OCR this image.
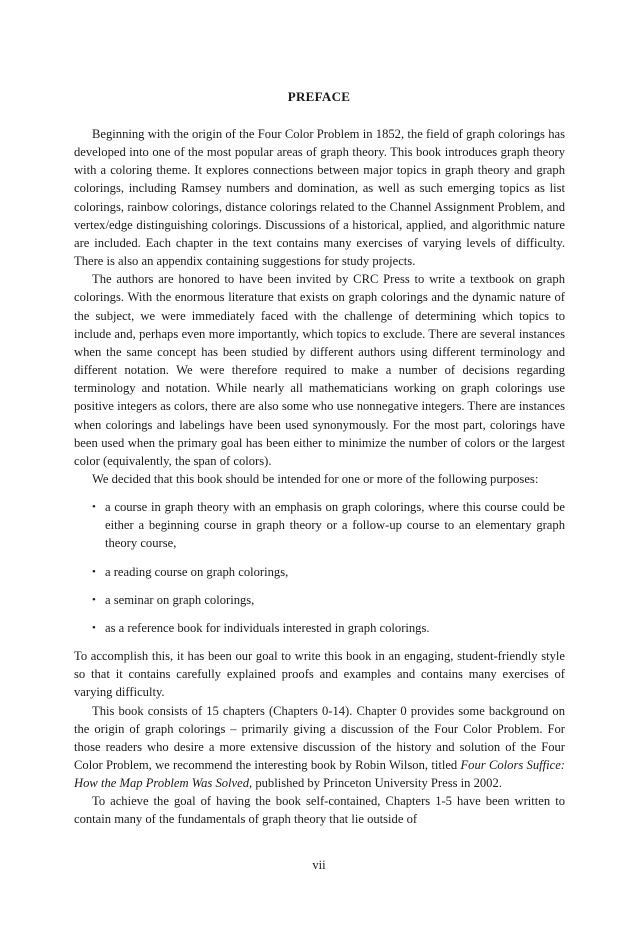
PREFACE

Beginning with the origin of the Four Color Problem in 1852, the field of graph colorings has developed into one of the most popular areas of graph theory. This book introduces graph theory with a coloring theme. It explores connections between major topics in graph theory and graph colorings, including Ramsey numbers and domination, as well as such emerging topics as list colorings, rainbow colorings, distance colorings related to the Channel Assignment Problem, and vertex/edge distinguishing colorings. Discussions of a historical, applied, and algorithmic nature are included. Each chapter in the text contains many exercises of varying levels of difficulty. There is also an appendix containing suggestions for study projects.

The authors are honored to have been invited by CRC Press to write a textbook on graph colorings. With the enormous literature that exists on graph colorings and the dynamic nature of the subject, we were immediately faced with the challenge of determining which topics to include and, perhaps even more importantly, which topics to exclude. There are several instances when the same concept has been studied by different authors using different terminology and different notation. We were therefore required to make a number of decisions regarding terminology and notation. While nearly all mathematicians working on graph colorings use positive integers as colors, there are also some who use nonnegative integers. There are instances when colorings and labelings have been used synonymously. For the most part, colorings have been used when the primary goal has been either to minimize the number of colors or the largest color (equivalently, the span of colors).

We decided that this book should be intended for one or more of the following purposes:

• a course in graph theory with an emphasis on graph colorings, where this course could be either a beginning course in graph theory or a follow-up course to an elementary graph theory course,
• a reading course on graph colorings,
• a seminar on graph colorings,
• as a reference book for individuals interested in graph colorings.

To accomplish this, it has been our goal to write this book in an engaging, student-friendly style so that it contains carefully explained proofs and examples and contains many exercises of varying difficulty.

This book consists of 15 chapters (Chapters 0-14). Chapter 0 provides some background on the origin of graph colorings – primarily giving a discussion of the Four Color Problem. For those readers who desire a more extensive discussion of the history and solution of the Four Color Problem, we recommend the interesting book by Robin Wilson, titled Four Colors Suffice: How the Map Problem Was Solved, published by Princeton University Press in 2002.

To achieve the goal of having the book self-contained, Chapters 1-5 have been written to contain many of the fundamentals of graph theory that lie outside of

vii
